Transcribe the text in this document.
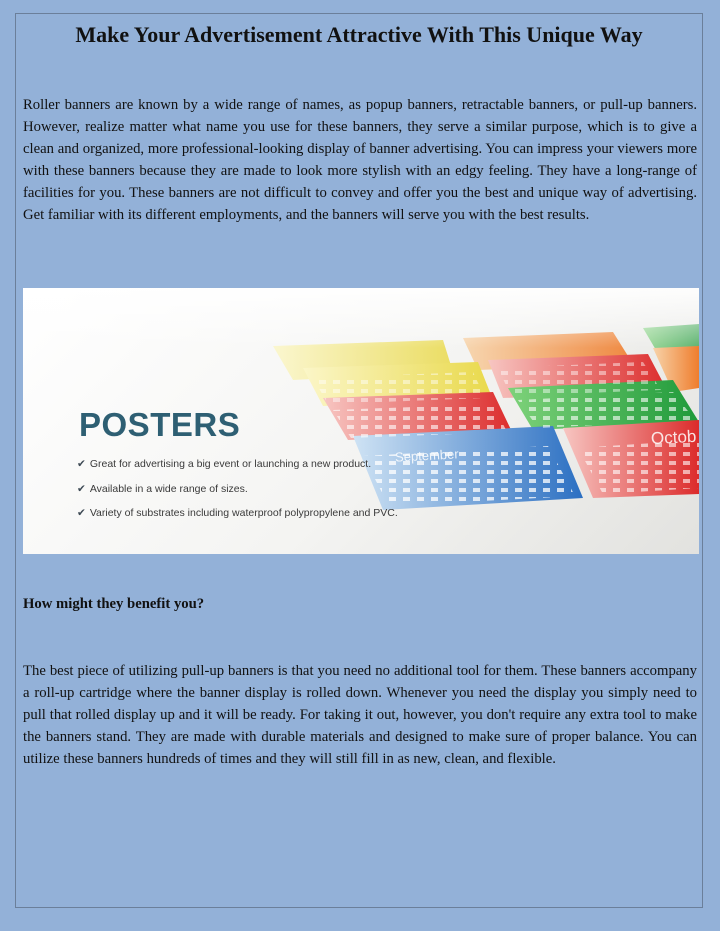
Make Your Advertisement Attractive With This Unique Way

Roller banners are known by a wide range of names, as popup banners, retractable banners, or pull-up banners. However, realize matter what name you use for these banners, they serve a similar purpose, which is to give a clean and organized, more professional-looking display of banner advertising. You can impress your viewers more with these banners because they are made to look more stylish with an edgy feeling. They have a long-range of facilities for you. These banners are not difficult to convey and offer you the best and unique way of advertising. Get familiar with its different employments, and the banners will serve you with the best results.

September
Octob
POSTERS
✔ Great for advertising a big event or launching a new product.
✔ Available in a wide range of sizes.
✔ Variety of substrates including waterproof polypropylene and PVC.
How might they benefit you?

The best piece of utilizing pull-up banners is that you need no additional tool for them. These banners accompany a roll-up cartridge where the banner display is rolled down. Whenever you need the display you simply need to pull that rolled display up and it will be ready. For taking it out, however, you don't require any extra tool to make the banners stand. They are made with durable materials and designed to make sure of proper balance. You can utilize these banners hundreds of times and they will still fill in as new, clean, and flexible.
